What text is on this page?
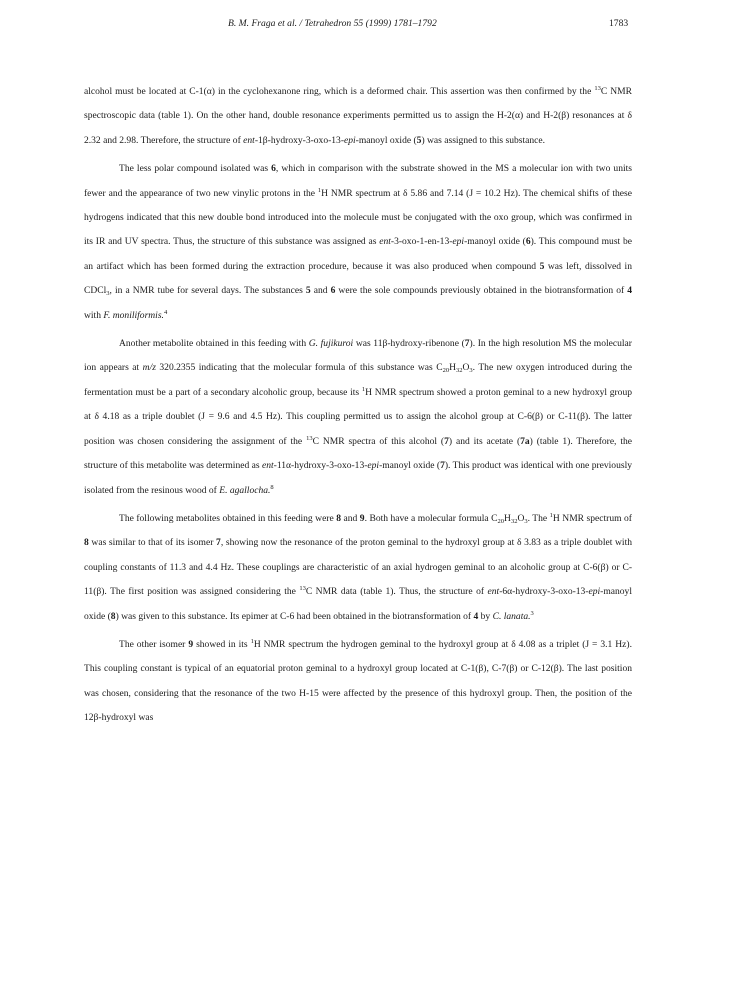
B. M. Fraga et al. / Tetrahedron 55 (1999) 1781–1792	1783

alcohol must be located at C-1(α) in the cyclohexanone ring, which is a deformed chair. This assertion was then confirmed by the $^{13}$C NMR spectroscopic data (table 1). On the other hand, double resonance experiments permitted us to assign the H-2(α) and H-2(β) resonances at δ 2.32 and 2.98. Therefore, the structure of ent-1β-hydroxy-3-oxo-13-epi-manoyl oxide (5) was assigned to this substance.

The less polar compound isolated was 6, which in comparison with the substrate showed in the MS a molecular ion with two units fewer and the appearance of two new vinylic protons in the $^1$H NMR spectrum at δ 5.86 and 7.14 (J = 10.2 Hz). The chemical shifts of these hydrogens indicated that this new double bond introduced into the molecule must be conjugated with the oxo group, which was confirmed in its IR and UV spectra. Thus, the structure of this substance was assigned as ent-3-oxo-1-en-13-epi-manoyl oxide (6). This compound must be an artifact which has been formed during the extraction procedure, because it was also produced when compound 5 was left, dissolved in CDCl$_3$, in a NMR tube for several days. The substances 5 and 6 were the sole compounds previously obtained in the biotransformation of 4 with F. moniliformis.$^4$

Another metabolite obtained in this feeding with G. fujikuroi was 11β-hydroxy-ribenone (7). In the high resolution MS the molecular ion appears at m/z 320.2355 indicating that the molecular formula of this substance was $C_{20}H_{32}O_3$. The new oxygen introduced during the fermentation must be a part of a secondary alcoholic group, because its $^1$H NMR spectrum showed a proton geminal to a new hydroxyl group at δ 4.18 as a triple doublet (J = 9.6 and 4.5 Hz). This coupling permitted us to assign the alcohol group at C-6(β) or C-11(β). The latter position was chosen considering the assignment of the $^{13}$C NMR spectra of this alcohol (7) and its acetate (7a) (table 1). Therefore, the structure of this metabolite was determined as ent-11α-hydroxy-3-oxo-13-epi-manoyl oxide (7). This product was identical with one previously isolated from the resinous wood of E. agallocha.$^8$

The following metabolites obtained in this feeding were 8 and 9. Both have a molecular formula $C_{20}H_{32}O_3$. The $^1$H NMR spectrum of 8 was similar to that of its isomer 7, showing now the resonance of the proton geminal to the hydroxyl group at δ 3.83 as a triple doublet with coupling constants of 11.3 and 4.4 Hz. These couplings are characteristic of an axial hydrogen geminal to an alcoholic group at C-6(β) or C-11(β). The first position was assigned considering the $^{13}$C NMR data (table 1). Thus, the structure of ent-6α-hydroxy-3-oxo-13-epi-manoyl oxide (8) was given to this substance. Its epimer at C-6 had been obtained in the biotransformation of 4 by C. lanata.$^3$

The other isomer 9 showed in its $^1$H NMR spectrum the hydrogen geminal to the hydroxyl group at δ 4.08 as a triplet (J = 3.1 Hz). This coupling constant is typical of an equatorial proton geminal to a hydroxyl group located at C-1(β), C-7(β) or C-12(β). The last position was chosen, considering that the resonance of the two H-15 were affected by the presence of this hydroxyl group. Then, the position of the 12β-hydroxyl was
